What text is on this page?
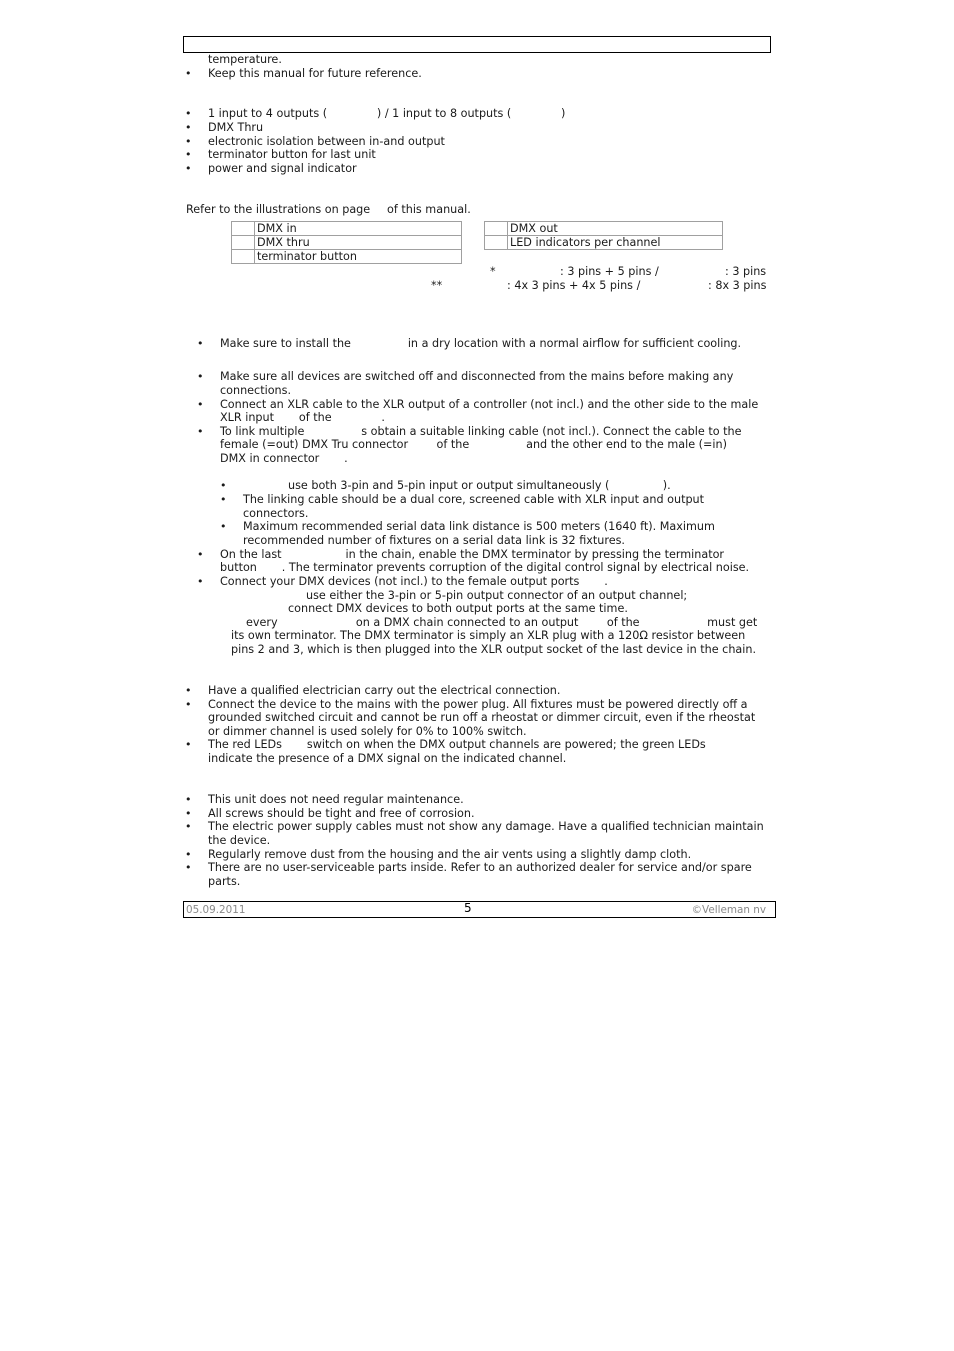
temperature.
• Keep this manual for future reference.
• 1 input to 4 outputs (              ) / 1 input to 8 outputs (              )
• DMX Thru
• electronic isolation between in-and output
• terminator button for last unit
• power and signal indicator
Refer to the illustrations on page of this manual.
	DMX in
	DMX thru
	terminator button
	DMX out
	LED indicators per channel
*	: 3 pins + 5 pins /	: 3 pins
**	: 4x 3 pins + 4x 5 pins /	: 8x 3 pins
• Make sure to install the                in a dry location with a normal airflow for sufficient cooling.
• Make sure all devices are switched off and disconnected from the mains before making any
connections.
• Connect an XLR cable to the XLR output of a controller (not incl.) and the other side to the male
XLR input       of the              .
• To link multiple                s obtain a suitable linking cable (not incl.). Connect the cable to the
female (=out) DMX Tru connector        of the                and the other end to the male (=in)
DMX in connector       .
•	use both 3-pin and 5-pin input or output simultaneously (               ).
• The linking cable should be a dual core, screened cable with XLR input and output
connectors.
• Maximum recommended serial data link distance is 500 meters (1640 ft). Maximum
recommended number of fixtures on a serial data link is 32 fixtures.
• On the last                  in the chain, enable the DMX terminator by pressing the terminator
button       . The terminator prevents corruption of the digital control signal by electrical noise.
• Connect your DMX devices (not incl.) to the female output ports       .
use either the 3-pin or 5-pin output connector of an output channel;
connect DMX devices to both output ports at the same time.
every                      on a DMX chain connected to an output        of the                   must get
its own terminator. The DMX terminator is simply an XLR plug with a 120Ω resistor between
pins 2 and 3, which is then plugged into the XLR output socket of the last device in the chain.
• Have a qualified electrician carry out the electrical connection.
• Connect the device to the mains with the power plug. All fixtures must be powered directly off a
grounded switched circuit and cannot be run off a rheostat or dimmer circuit, even if the rheostat
or dimmer channel is used solely for 0% to 100% switch.
• The red LEDs       switch on when the DMX output channels are powered; the green LEDs
indicate the presence of a DMX signal on the indicated channel.
• This unit does not need regular maintenance.
• All screws should be tight and free of corrosion.
• The electric power supply cables must not show any damage. Have a qualified technician maintain
the device.
• Regularly remove dust from the housing and the air vents using a slightly damp cloth.
• There are no user-serviceable parts inside. Refer to an authorized dealer for service and/or spare
parts.
05.09.2011	5	©Velleman nv
